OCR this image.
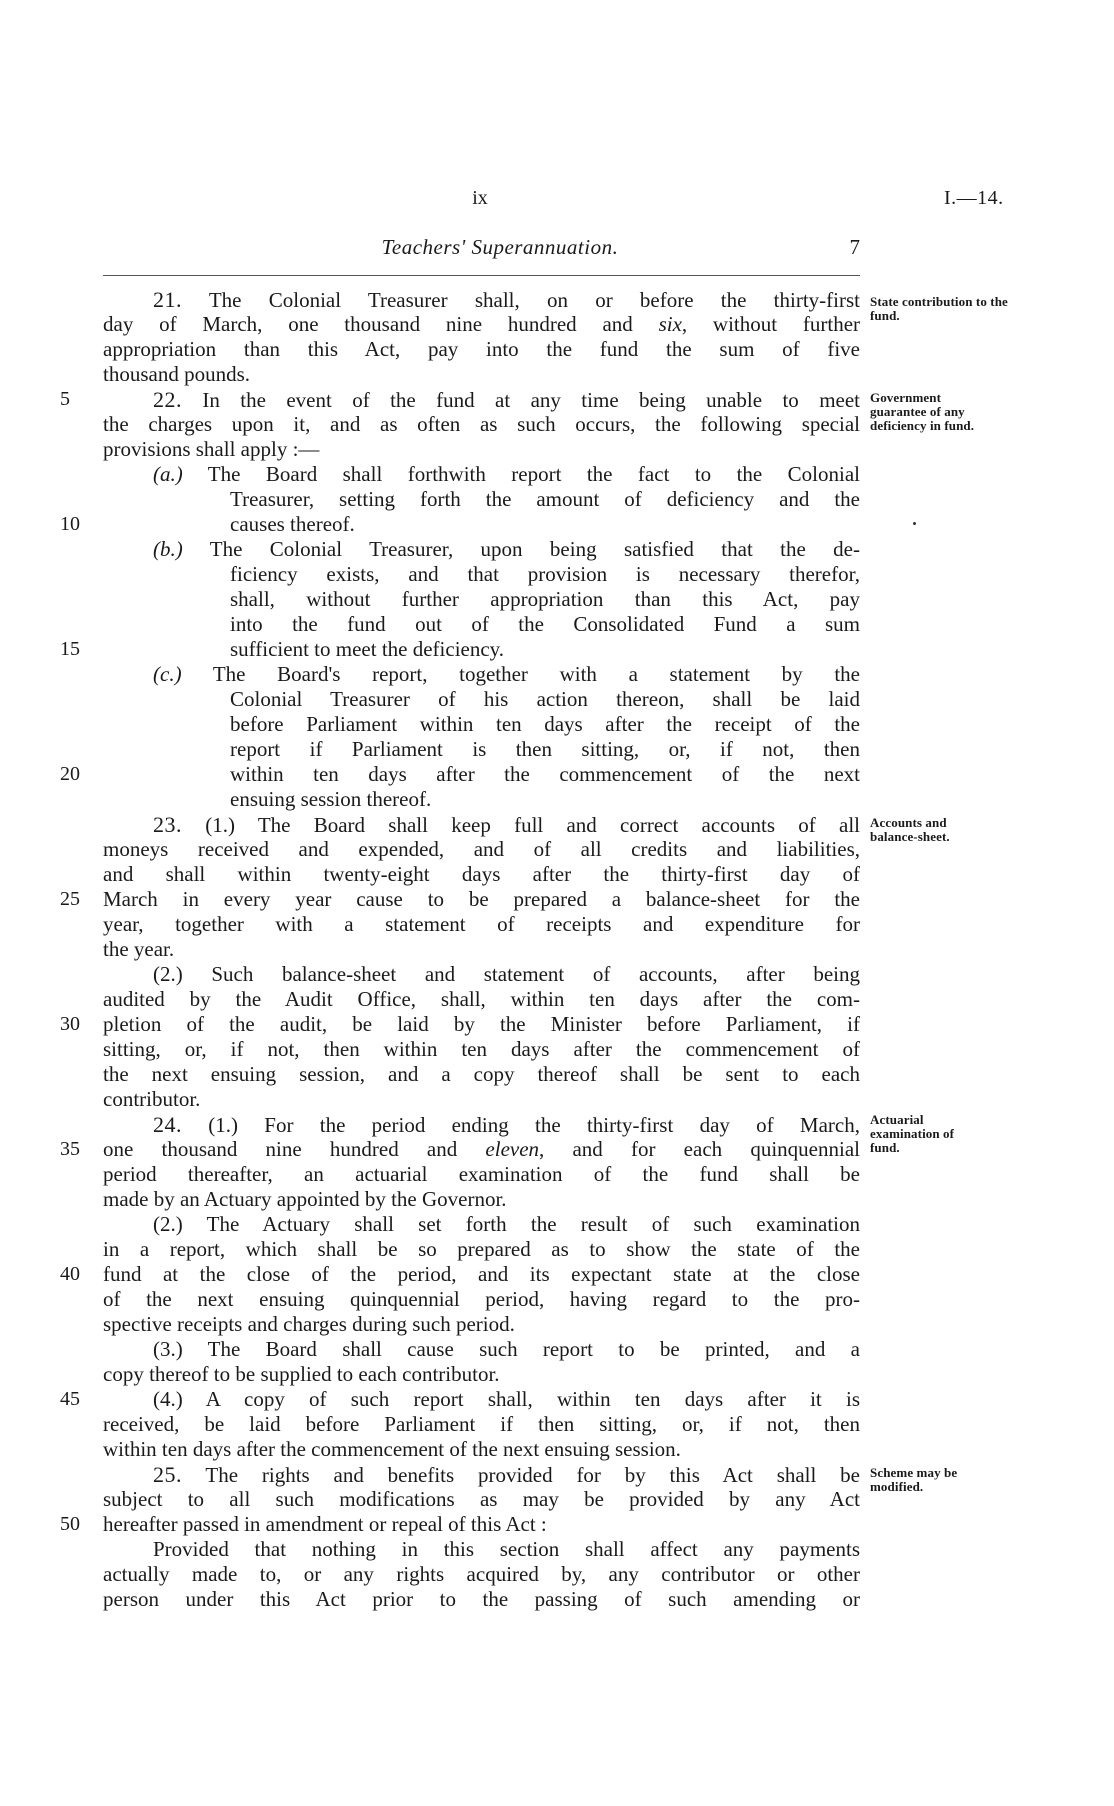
ix	I.—14.
Teachers' Superannuation.	7
21. The Colonial Treasurer shall, on or before the thirty-first
day of March, one thousand nine hundred and six, without further
appropriation than this Act, pay into the fund the sum of five
thousand pounds.
5	22. In the event of the fund at any time being unable to meet
the charges upon it, and as often as such occurs, the following special
provisions shall apply :—
(a.) The Board shall forthwith report the fact to the Colonial
Treasurer, setting forth the amount of deficiency and the
10	causes thereof.
(b.) The Colonial Treasurer, upon being satisfied that the de-
ficiency exists, and that provision is necessary therefor,
shall, without further appropriation than this Act, pay
into the fund out of the Consolidated Fund a sum
15	sufficient to meet the deficiency.
(c.) The Board's report, together with a statement by the
Colonial Treasurer of his action thereon, shall be laid
before Parliament within ten days after the receipt of the
report if Parliament is then sitting, or, if not, then
20	within ten days after the commencement of the next
ensuing session thereof.
23. (1.) The Board shall keep full and correct accounts of all
moneys received and expended, and of all credits and liabilities,
and shall within twenty-eight days after the thirty-first day of
25	March in every year cause to be prepared a balance-sheet for the
year, together with a statement of receipts and expenditure for
the year.
(2.) Such balance-sheet and statement of accounts, after being
audited by the Audit Office, shall, within ten days after the com-
30	pletion of the audit, be laid by the Minister before Parliament, if
sitting, or, if not, then within ten days after the commencement of
the next ensuing session, and a copy thereof shall be sent to each
contributor.
24. (1.) For the period ending the thirty-first day of March,
35	one thousand nine hundred and eleven, and for each quinquennial
period thereafter, an actuarial examination of the fund shall be
made by an Actuary appointed by the Governor.
(2.) The Actuary shall set forth the result of such examination
in a report, which shall be so prepared as to show the state of the
40	fund at the close of the period, and its expectant state at the close
of the next ensuing quinquennial period, having regard to the pro-
spective receipts and charges during such period.
(3.) The Board shall cause such report to be printed, and a
copy thereof to be supplied to each contributor.
45	(4.) A copy of such report shall, within ten days after it is
received, be laid before Parliament if then sitting, or, if not, then
within ten days after the commencement of the next ensuing session.
25. The rights and benefits provided for by this Act shall be
subject to all such modifications as may be provided by any Act
50	hereafter passed in amendment or repeal of this Act :
Provided that nothing in this section shall affect any payments
actually made to, or any rights acquired by, any contributor or other
person under this Act prior to the passing of such amending or
State contribution to the fund.
Government guarantee of any deficiency in fund.
Accounts and balance-sheet.
Actuarial examination of fund.
Scheme may be modified.
